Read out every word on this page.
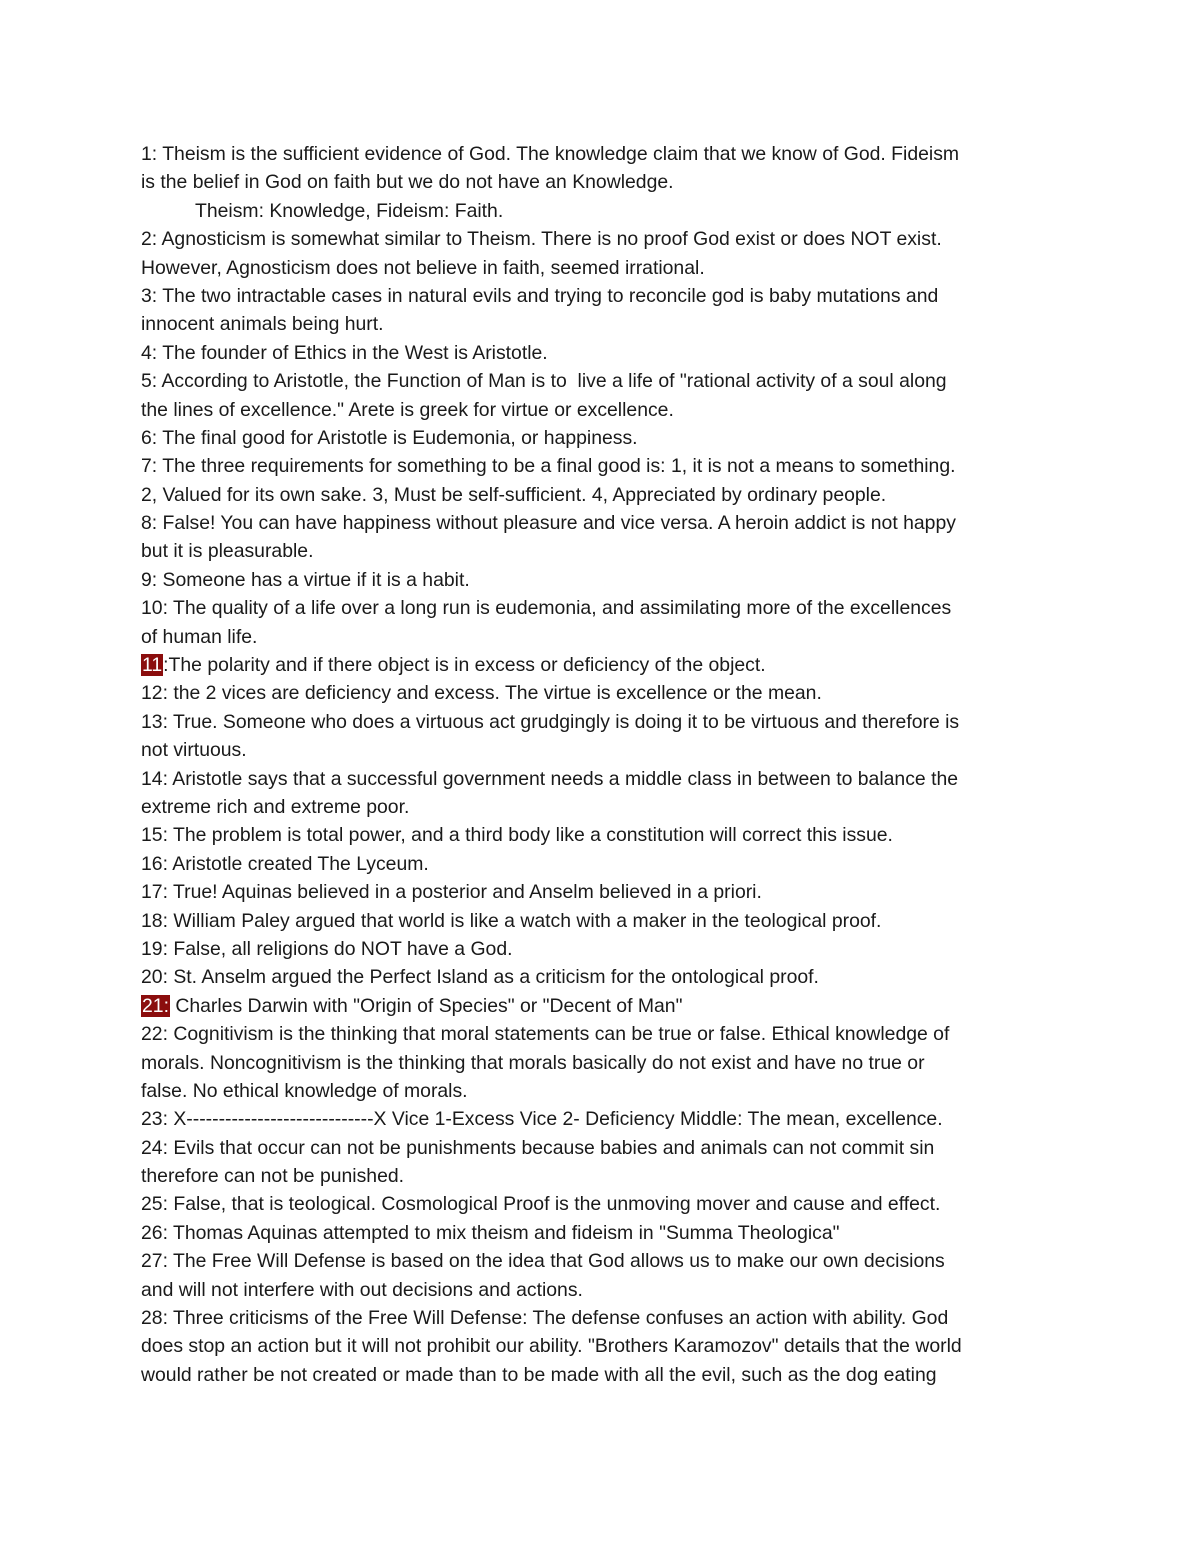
1: Theism is the sufficient evidence of God. The knowledge claim that we know of God. Fideism
is the belief in God on faith but we do not have an Knowledge.
Theism: Knowledge, Fideism: Faith.
2: Agnosticism is somewhat similar to Theism. There is no proof God exist or does NOT exist.
However, Agnosticism does not believe in faith, seemed irrational.
3: The two intractable cases in natural evils and trying to reconcile god is baby mutations and
innocent animals being hurt.
4: The founder of Ethics in the West is Aristotle.
5: According to Aristotle, the Function of Man is to  live a life of "rational activity of a soul along
the lines of excellence." Arete is greek for virtue or excellence.
6: The final good for Aristotle is Eudemonia, or happiness.
7: The three requirements for something to be a final good is: 1, it is not a means to something.
2, Valued for its own sake. 3, Must be self-sufficient. 4, Appreciated by ordinary people.
8: False! You can have happiness without pleasure and vice versa. A heroin addict is not happy
but it is pleasurable.
9: Someone has a virtue if it is a habit.
10: The quality of a life over a long run is eudemonia, and assimilating more of the excellences
of human life.
11:The polarity and if there object is in excess or deficiency of the object.
12: the 2 vices are deficiency and excess. The virtue is excellence or the mean.
13: True. Someone who does a virtuous act grudgingly is doing it to be virtuous and therefore is
not virtuous.
14: Aristotle says that a successful government needs a middle class in between to balance the
extreme rich and extreme poor.
15: The problem is total power, and a third body like a constitution will correct this issue.
16: Aristotle created The Lyceum.
17: True! Aquinas believed in a posterior and Anselm believed in a priori.
18: William Paley argued that world is like a watch with a maker in the teological proof.
19: False, all religions do NOT have a God.
20: St. Anselm argued the Perfect Island as a criticism for the ontological proof.
21: Charles Darwin with "Origin of Species" or "Decent of Man"
22: Cognitivism is the thinking that moral statements can be true or false. Ethical knowledge of
morals. Noncognitivism is the thinking that morals basically do not exist and have no true or
false. No ethical knowledge of morals.
23: X-----------------------------X Vice 1-Excess Vice 2- Deficiency Middle: The mean, excellence.
24: Evils that occur can not be punishments because babies and animals can not commit sin
therefore can not be punished.
25: False, that is teological. Cosmological Proof is the unmoving mover and cause and effect.
26: Thomas Aquinas attempted to mix theism and fideism in "Summa Theologica"
27: The Free Will Defense is based on the idea that God allows us to make our own decisions
and will not interfere with out decisions and actions.
28: Three criticisms of the Free Will Defense: The defense confuses an action with ability. God
does stop an action but it will not prohibit our ability. "Brothers Karamozov" details that the world
would rather be not created or made than to be made with all the evil, such as the dog eating
